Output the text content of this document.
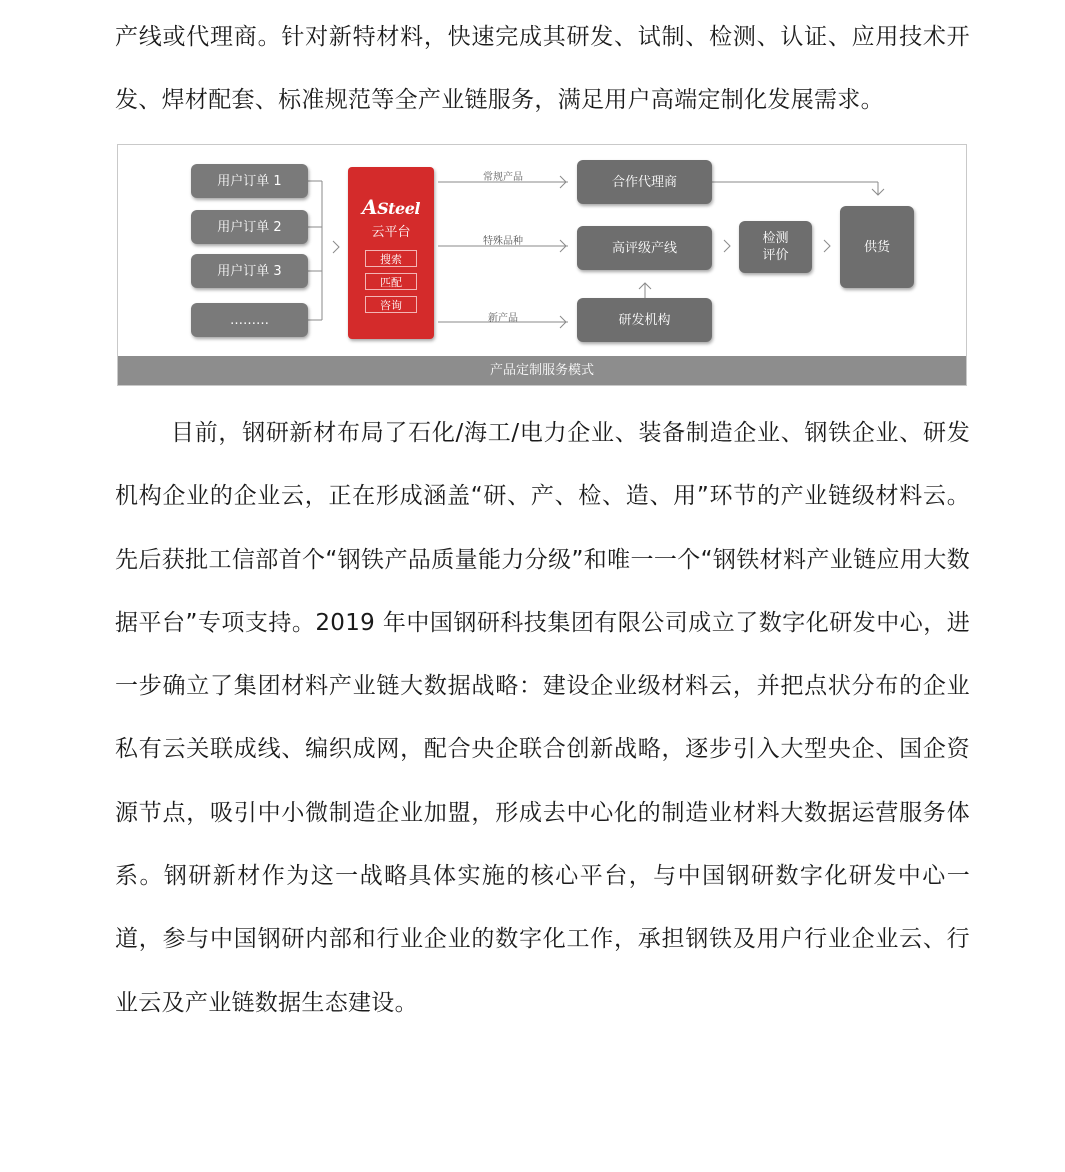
产线或代理商。针对新特材料，快速完成其研发、试制、检测、认证、应用技术开发、焊材配套、标准规范等全产业链服务，满足用户高端定制化发展需求。

用户订单 1
用户订单 2
用户订单 3
………
ASteel
云平台
搜索
匹配
咨询
常规产品
特殊品种
新产品
合作代理商
高评级产线
研发机构
检测
评价
供货
产品定制服务模式

目前，钢研新材布局了石化/海工/电力企业、装备制造企业、钢铁企业、研发机构企业的企业云，正在形成涵盖“研、产、检、造、用”环节的产业链级材料云。先后获批工信部首个“钢铁产品质量能力分级”和唯一一个“钢铁材料产业链应用大数据平台”专项支持。2019 年中国钢研科技集团有限公司成立了数字化研发中心，进一步确立了集团材料产业链大数据战略：建设企业级材料云，并把点状分布的企业私有云关联成线、编织成网，配合央企联合创新战略，逐步引入大型央企、国企资源节点，吸引中小微制造企业加盟，形成去中心化的制造业材料大数据运营服务体系。钢研新材作为这一战略具体实施的核心平台，与中国钢研数字化研发中心一道，参与中国钢研内部和行业企业的数字化工作，承担钢铁及用户行业企业云、行业云及产业链数据生态建设。
